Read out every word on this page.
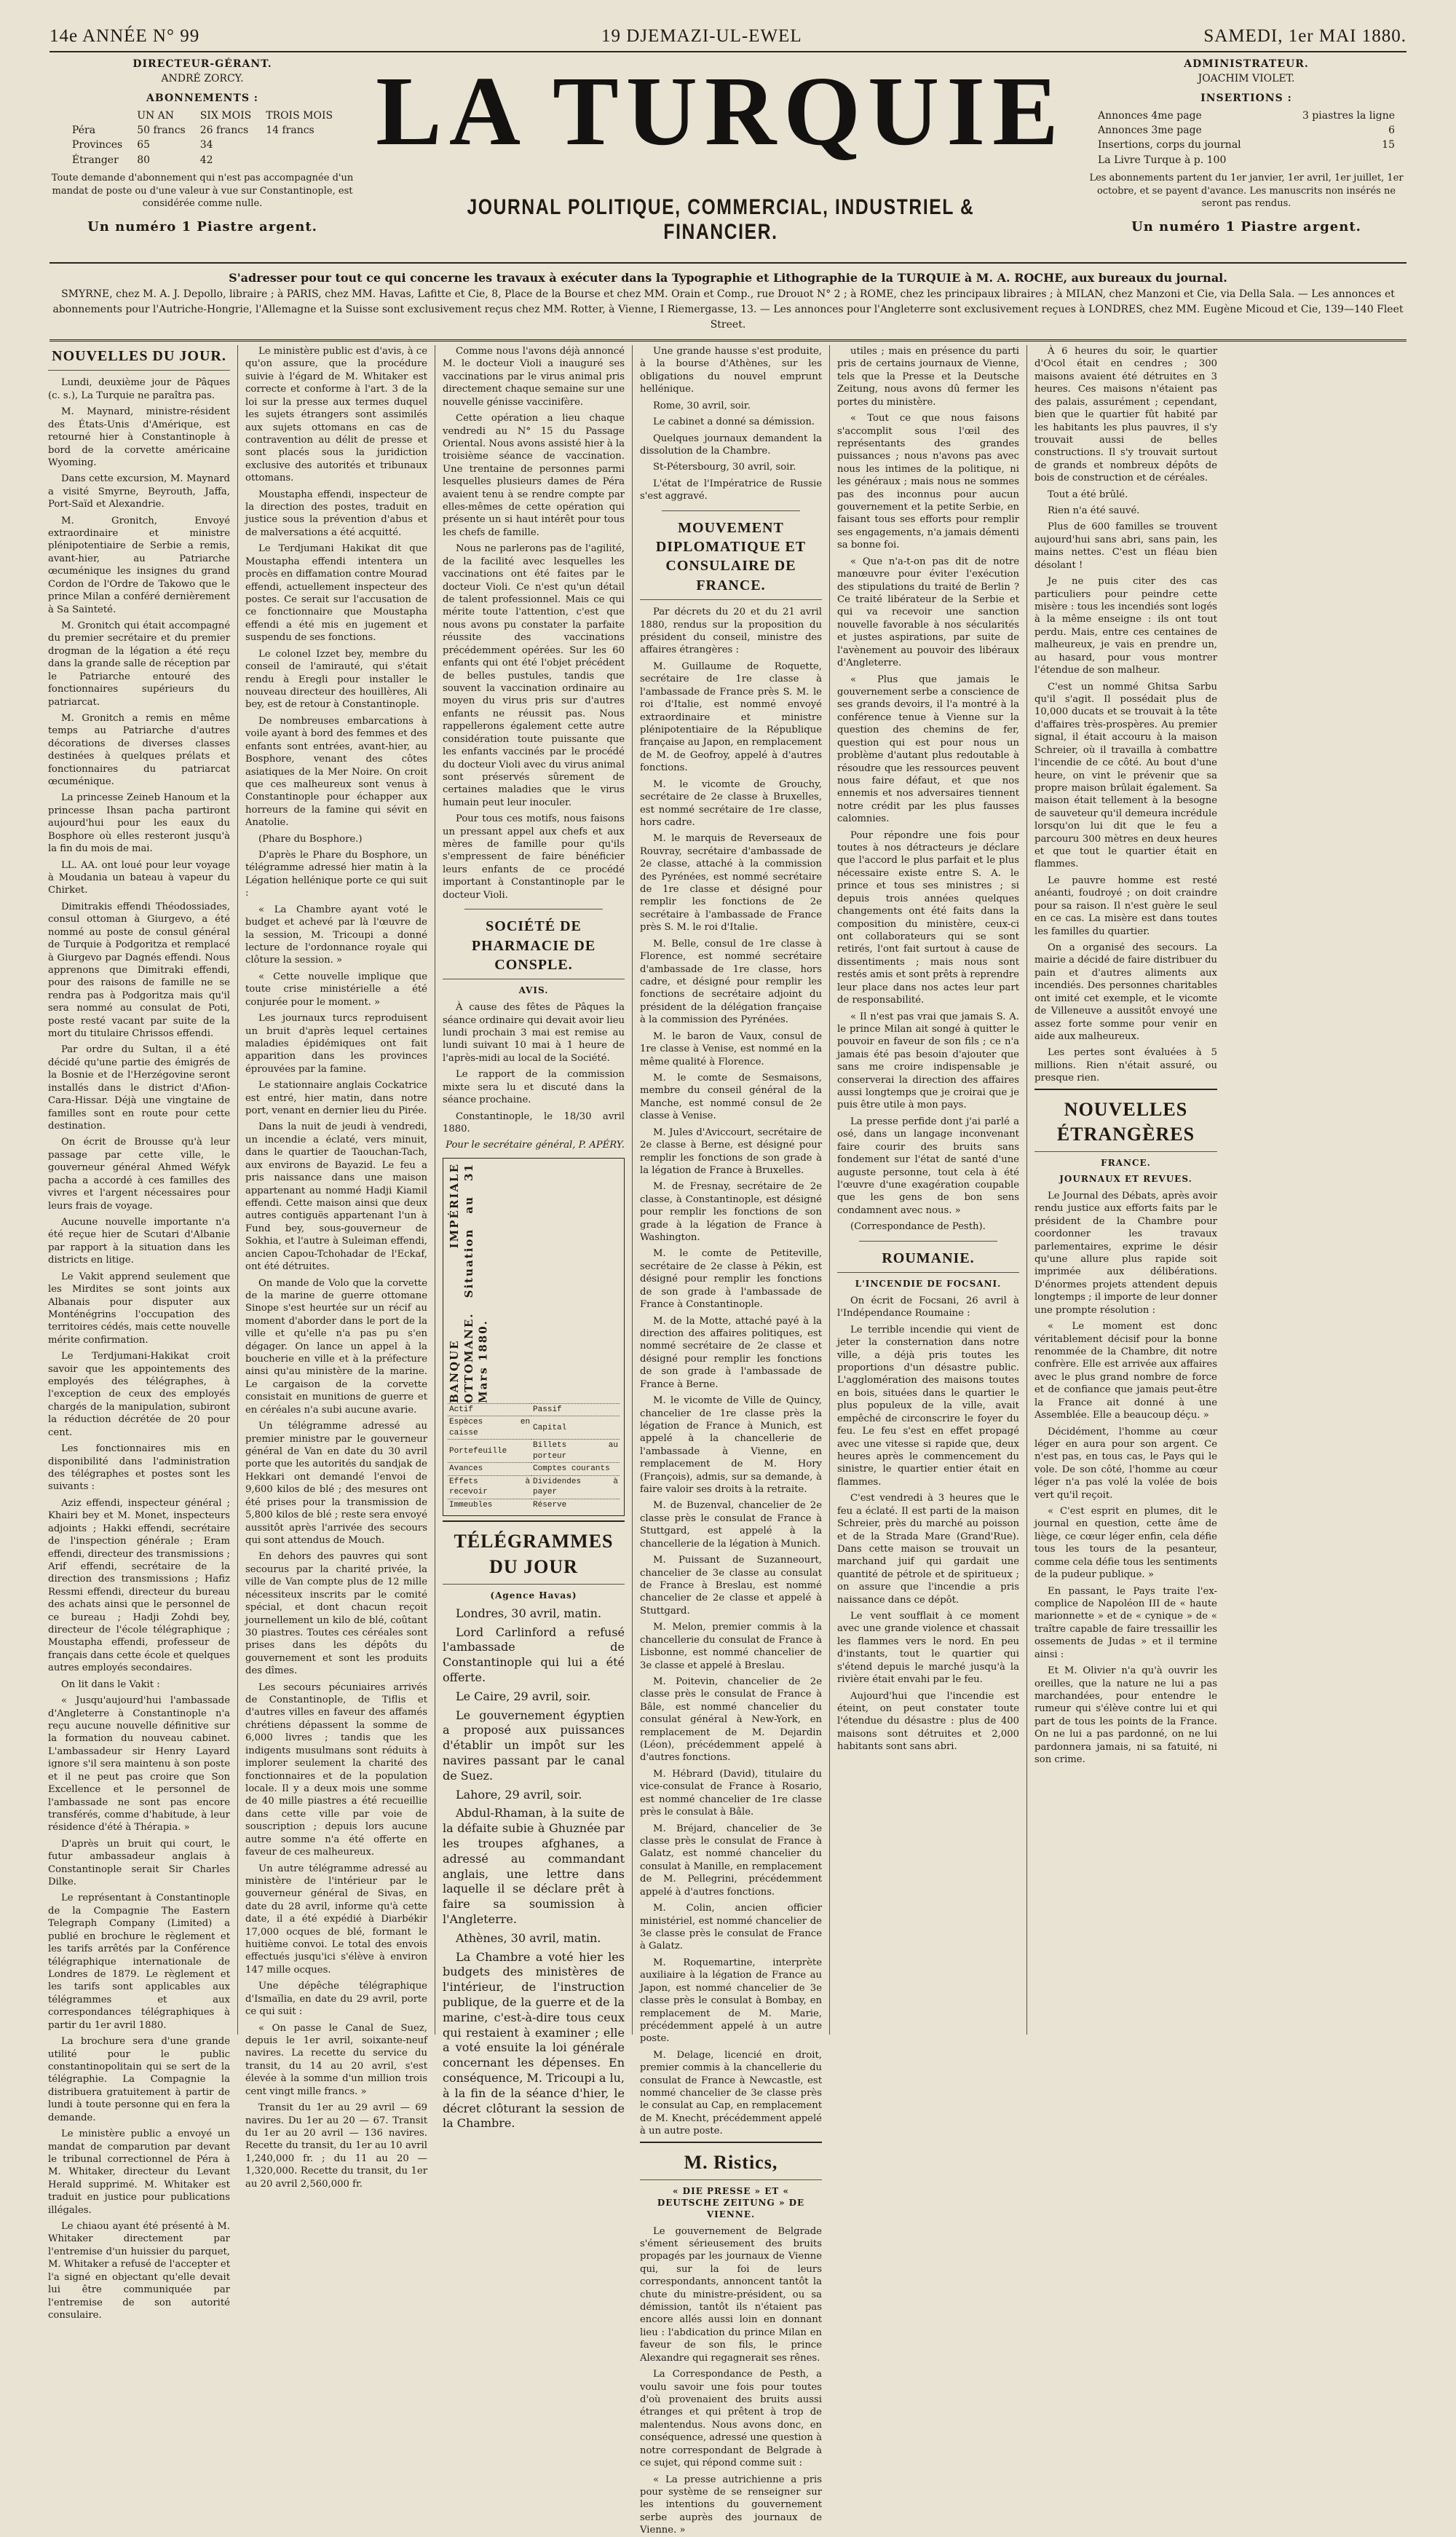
14e ANNÉE N° 99	19 DJEMAZI-UL-EWEL	SAMEDI, 1er MAI 1880.
DIRECTEUR-GÉRANT.
ANDRÉ ZORCY.
ABONNEMENTS :
	UN AN	SIX MOIS	TROIS MOIS
Péra	50 francs	26 francs	14 francs
Provinces	65	34	
Étranger	80	42	
Toute demande d'abonnement qui n'est pas accompagnée d'un mandat de poste ou d'une valeur à vue sur Constantinople, est considérée comme nulle.
Un numéro 1 Piastre argent.
LA TURQUIE
JOURNAL POLITIQUE, COMMERCIAL, INDUSTRIEL & FINANCIER.
ADMINISTRATEUR.
JOACHIM VIOLET.
INSERTIONS :
Annonces 4me page	3 piastres la ligne
Annonces 3me page	6
Insertions, corps du journal	15
La Livre Turque à p. 100	
Les abonnements partent du 1er janvier, 1er avril, 1er juillet, 1er octobre, et se payent d'avance. Les manuscrits non insérés ne seront pas rendus.
Un numéro 1 Piastre argent.
S'adresser pour tout ce qui concerne les travaux à exécuter dans la Typographie et Lithographie de la TURQUIE à M. A. ROCHE, aux bureaux du journal.
SMYRNE, chez M. A. J. Depollo, libraire ; à PARIS, chez MM. Havas, Lafitte et Cie, 8, Place de la Bourse et chez MM. Orain et Comp., rue Drouot N° 2 ; à ROME, chez les principaux libraires ; à MILAN, chez Manzoni et Cie, via Della Sala. — Les annonces et abonnements pour l'Autriche-Hongrie, l'Allemagne et la Suisse sont exclusivement reçus chez MM. Rotter, à Vienne, I Riemergasse, 13. — Les annonces pour l'Angleterre sont exclusivement reçues à LONDRES, chez MM. Eugène Micoud et Cie, 139—140 Fleet Street.
NOUVELLES DU JOUR.

Lundi, deuxième jour de Pâques (c. s.), La Turquie ne paraîtra pas.

M. Maynard, ministre-résident des États-Unis d'Amérique, est retourné hier à Constantinople à bord de la corvette américaine Wyoming.

Dans cette excursion, M. Maynard a visité Smyrne, Beyrouth, Jaffa, Port-Saïd et Alexandrie.

M. Gronitch, Envoyé extraordinaire et ministre plénipotentiaire de Serbie a remis, avant-hier, au Patriarche œcuménique les insignes du grand Cordon de l'Ordre de Takowo que le prince Milan a conféré dernièrement à Sa Sainteté.

M. Gronitch qui était accompagné du premier secrétaire et du premier drogman de la légation a été reçu dans la grande salle de réception par le Patriarche entouré des fonctionnaires supérieurs du patriarcat.

M. Gronitch a remis en même temps au Patriarche d'autres décorations de diverses classes destinées à quelques prélats et fonctionnaires du patriarcat œcuménique.

La princesse Zeineb Hanoum et la princesse Ihsan pacha partiront aujourd'hui pour les eaux du Bosphore où elles resteront jusqu'à la fin du mois de mai.

LL. AA. ont loué pour leur voyage à Moudania un bateau à vapeur du Chirket.

Dimitrakis effendi Théodossiades, consul ottoman à Giurgevo, a été nommé au poste de consul général de Turquie à Podgoritza et remplacé à Giurgevo par Dagnés effendi. Nous apprenons que Dimitraki effendi, pour des raisons de famille ne se rendra pas à Podgoritza mais qu'il sera nommé au consulat de Poti, poste resté vacant par suite de la mort du titulaire Chrissos effendi.

Par ordre du Sultan, il a été décidé qu'une partie des émigrés de la Bosnie et de l'Herzégovine seront installés dans le district d'Afion-Cara-Hissar. Déjà une vingtaine de familles sont en route pour cette destination.

On écrit de Brousse qu'à leur passage par cette ville, le gouverneur général Ahmed Wéfyk pacha a accordé à ces familles des vivres et l'argent nécessaires pour leurs frais de voyage.

Aucune nouvelle importante n'a été reçue hier de Scutari d'Albanie par rapport à la situation dans les districts en litige.

Le Vakit apprend seulement que les Mirdites se sont joints aux Albanais pour disputer aux Monténégrins l'occupation des territoires cédés, mais cette nouvelle mérite confirmation.

Le Terdjumani-Hakikat croit savoir que les appointements des employés des télégraphes, à l'exception de ceux des employés chargés de la manipulation, subiront la réduction décrétée de 20 pour cent.

Les fonctionnaires mis en disponibilité dans l'administration des télégraphes et postes sont les suivants :

Aziz effendi, inspecteur général ; Khairi bey et M. Monet, inspecteurs adjoints ; Hakki effendi, secrétaire de l'inspection générale ; Eram effendi, directeur des transmissions ; Arif effendi, secrétaire de la direction des transmissions ; Hafiz Ressmi effendi, directeur du bureau des achats ainsi que le personnel de ce bureau ; Hadji Zohdi bey, directeur de l'école télégraphique ; Moustapha effendi, professeur de français dans cette école et quelques autres employés secondaires.

On lit dans le Vakit :

« Jusqu'aujourd'hui l'ambassade d'Angleterre à Constantinople n'a reçu aucune nouvelle définitive sur la formation du nouveau cabinet. L'ambassadeur sir Henry Layard ignore s'il sera maintenu à son poste et il ne peut pas croire que Son Excellence et le personnel de l'ambassade ne sont pas encore transférés, comme d'habitude, à leur résidence d'été à Thérapia. »

D'après un bruit qui court, le futur ambassadeur anglais à Constantinople serait Sir Charles Dilke.

Le représentant à Constantinople de la Compagnie The Eastern Telegraph Company (Limited) a publié en brochure le règlement et les tarifs arrêtés par la Conférence télégraphique internationale de Londres de 1879. Le règlement et les tarifs sont applicables aux télégrammes et aux correspondances télégraphiques à partir du 1er avril 1880.

La brochure sera d'une grande utilité pour le public constantinopolitain qui se sert de la télégraphie. La Compagnie la distribuera gratuitement à partir de lundi à toute personne qui en fera la demande.

Le ministère public a envoyé un mandat de comparution par devant le tribunal correctionnel de Péra à M. Whitaker, directeur du Levant Herald supprimé. M. Whitaker est traduit en justice pour publications illégales.

Le chiaou ayant été présenté à M. Whitaker directement par l'entremise d'un huissier du parquet, M. Whitaker a refusé de l'accepter et l'a signé en objectant qu'elle devait lui être communiquée par l'entremise de son autorité consulaire.

Le ministère public est d'avis, à ce qu'on assure, que la procédure suivie à l'égard de M. Whitaker est correcte et conforme à l'art. 3 de la loi sur la presse aux termes duquel les sujets étrangers sont assimilés aux sujets ottomans en cas de contravention au délit de presse et sont placés sous la juridiction exclusive des autorités et tribunaux ottomans.

Moustapha effendi, inspecteur de la direction des postes, traduit en justice sous la prévention d'abus et de malversations a été acquitté.

Le Terdjumani Hakikat dit que Moustapha effendi intentera un procès en diffamation contre Mourad effendi, actuellement inspecteur des postes. Ce serait sur l'accusation de ce fonctionnaire que Moustapha effendi a été mis en jugement et suspendu de ses fonctions.

Le colonel Izzet bey, membre du conseil de l'amirauté, qui s'était rendu à Eregli pour installer le nouveau directeur des houillères, Ali bey, est de retour à Constantinople.

De nombreuses embarcations à voile ayant à bord des femmes et des enfants sont entrées, avant-hier, au Bosphore, venant des côtes asiatiques de la Mer Noire. On croit que ces malheureux sont venus à Constantinople pour échapper aux horreurs de la famine qui sévit en Anatolie.

(Phare du Bosphore.)

D'après le Phare du Bosphore, un télégramme adressé hier matin à la Légation hellénique porte ce qui suit :

« La Chambre ayant voté le budget et achevé par là l'œuvre de la session, M. Tricoupi a donné lecture de l'ordonnance royale qui clôture la session. »

« Cette nouvelle implique que toute crise ministérielle a été conjurée pour le moment. »

Les journaux turcs reproduisent un bruit d'après lequel certaines maladies épidémiques ont fait apparition dans les provinces éprouvées par la famine.

Le stationnaire anglais Cockatrice est entré, hier matin, dans notre port, venant en dernier lieu du Pirée.

Dans la nuit de jeudi à vendredi, un incendie a éclaté, vers minuit, dans le quartier de Taouchan-Tach, aux environs de Bayazid. Le feu a pris naissance dans une maison appartenant au nommé Hadji Kiamil effendi. Cette maison ainsi que deux autres contiguës appartenant l'un à Fund bey, sous-gouverneur de Sokhia, et l'autre à Suleiman effendi, ancien Capou-Tchohadar de l'Eckaf, ont été détruites.

On mande de Volo que la corvette de la marine de guerre ottomane Sinope s'est heurtée sur un récif au moment d'aborder dans le port de la ville et qu'elle n'a pas pu s'en dégager. On lance un appel à la boucherie en ville et à la préfecture ainsi qu'au ministère de la marine. Le cargaison de la corvette consistait en munitions de guerre et en céréales n'a subi aucune avarie.

Un télégramme adressé au premier ministre par le gouverneur général de Van en date du 30 avril porte que les autorités du sandjak de Hekkari ont demandé l'envoi de 9,600 kilos de blé ; des mesures ont été prises pour la transmission de 5,800 kilos de blé ; reste sera envoyé aussitôt après l'arrivée des secours qui sont attendus de Mouch.

En dehors des pauvres qui sont secourus par la charité privée, la ville de Van compte plus de 12 mille nécessiteux inscrits par le comité spécial, et dont chacun reçoit journellement un kilo de blé, coûtant 30 piastres. Toutes ces céréales sont prises dans les dépôts du gouvernement et sont les produits des dîmes.

Les secours pécuniaires arrivés de Constantinople, de Tiflis et d'autres villes en faveur des affamés chrétiens dépassent la somme de 6,000 livres ; tandis que les indigents musulmans sont réduits à implorer seulement la charité des fonctionnaires et de la population locale. Il y a deux mois une somme de 40 mille piastres a été recueillie dans cette ville par voie de souscription ; depuis lors aucune autre somme n'a été offerte en faveur de ces malheureux.

Un autre télégramme adressé au ministère de l'intérieur par le gouverneur général de Sivas, en date du 28 avril, informe qu'à cette date, il a été expédié à Diarbékir 17,000 ocques de blé, formant le huitième convoi. Le total des envois effectués jusqu'ici s'élève à environ 147 mille ocques.

Une dépêche télégraphique d'Ismaïlia, en date du 29 avril, porte ce qui suit :

« On passe le Canal de Suez, depuis le 1er avril, soixante-neuf navires. La recette du service du transit, du 14 au 20 avril, s'est élevée à la somme d'un million trois cent vingt mille francs. »

Transit du 1er au 29 avril — 69 navires. Du 1er au 20 — 67. Transit du 1er au 20 avril — 136 navires. Recette du transit, du 1er au 10 avril 1,240,000 fr. ; du 11 au 20 — 1,320,000. Recette du transit, du 1er au 20 avril 2,560,000 fr.

Comme nous l'avons déjà annoncé M. le docteur Violi a inauguré ses vaccinations par le virus animal pris directement chaque semaine sur une nouvelle génisse vaccinifère.

Cette opération a lieu chaque vendredi au N° 15 du Passage Oriental. Nous avons assisté hier à la troisième séance de vaccination. Une trentaine de personnes parmi lesquelles plusieurs dames de Péra avaient tenu à se rendre compte par elles-mêmes de cette opération qui présente un si haut intérêt pour tous les chefs de famille.

Nous ne parlerons pas de l'agilité, de la facilité avec lesquelles les vaccinations ont été faites par le docteur Violi. Ce n'est qu'un détail de talent professionnel. Mais ce qui mérite toute l'attention, c'est que nous avons pu constater la parfaite réussite des vaccinations précédemment opérées. Sur les 60 enfants qui ont été l'objet précédent de belles pustules, tandis que souvent la vaccination ordinaire au moyen du virus pris sur d'autres enfants ne réussit pas. Nous rappellerons également cette autre considération toute puissante que les enfants vaccinés par le procédé du docteur Violi avec du virus animal sont préservés sûrement de certaines maladies que le virus humain peut leur inoculer.

Pour tous ces motifs, nous faisons un pressant appel aux chefs et aux mères de famille pour qu'ils s'empressent de faire bénéficier leurs enfants de ce procédé important à Constantinople par le docteur Violi.

SOCIÉTÉ DE PHARMACIE DE CONSPLE.
AVIS.

À cause des fêtes de Pâques la séance ordinaire qui devait avoir lieu lundi prochain 3 mai est remise au lundi suivant 10 mai à 1 heure de l'après-midi au local de la Société.

Le rapport de la commission mixte sera lu et discuté dans la séance prochaine.

Constantinople, le 18/30 avril 1880.

Pour le secrétaire général, P. APÉRY.
BANQUE IMPÉRIALE OTTOMANE. Situation au 31 Mars 1880.
Actif	Passif
Espèces en caisse	Capital
Portefeuille	Billets au porteur
Avances	Comptes courants
Effets à recevoir	Dividendes à payer
Immeubles	Réserve
TÉLÉGRAMMES DU JOUR
(Agence Havas)

Londres, 30 avril, matin.

Lord Carlinford a refusé l'ambassade de Constantinople qui lui a été offerte.

Le Caire, 29 avril, soir.

Le gouvernement égyptien a proposé aux puissances d'établir un impôt sur les navires passant par le canal de Suez.

Lahore, 29 avril, soir.

Abdul-Rhaman, à la suite de la défaite subie à Ghuznée par les troupes afghanes, a adressé au commandant anglais, une lettre dans laquelle il se déclare prêt à faire sa soumission à l'Angleterre.

Athènes, 30 avril, matin.

La Chambre a voté hier les budgets des ministères de l'intérieur, de l'instruction publique, de la guerre et de la marine, c'est-à-dire tous ceux qui restaient à examiner ; elle a voté ensuite la loi générale concernant les dépenses. En conséquence, M. Tricoupi a lu, à la fin de la séance d'hier, le décret clôturant la session de la Chambre.

Une grande hausse s'est produite, à la bourse d'Athènes, sur les obligations du nouvel emprunt hellénique.

Rome, 30 avril, soir.

Le cabinet a donné sa démission.

Quelques journaux demandent la dissolution de la Chambre.

St-Pétersbourg, 30 avril, soir.

L'état de l'Impératrice de Russie s'est aggravé.

MOUVEMENT DIPLOMATIQUE ET CONSULAIRE DE FRANCE.

Par décrets du 20 et du 21 avril 1880, rendus sur la proposition du président du conseil, ministre des affaires étrangères :

M. Guillaume de Roquette, secrétaire de 1re classe à l'ambassade de France près S. M. le roi d'Italie, est nommé envoyé extraordinaire et ministre plénipotentiaire de la République française au Japon, en remplacement de M. de Geofroy, appelé à d'autres fonctions.

M. le vicomte de Grouchy, secrétaire de 2e classe à Bruxelles, est nommé secrétaire de 1re classe, hors cadre.

M. le marquis de Reverseaux de Rouvray, secrétaire d'ambassade de 2e classe, attaché à la commission des Pyrénées, est nommé secrétaire de 1re classe et désigné pour remplir les fonctions de 2e secrétaire à l'ambassade de France près S. M. le roi d'Italie.

M. Belle, consul de 1re classe à Florence, est nommé secrétaire d'ambassade de 1re classe, hors cadre, et désigné pour remplir les fonctions de secrétaire adjoint du président de la délégation française à la commission des Pyrénées.

M. le baron de Vaux, consul de 1re classe à Venise, est nommé en la même qualité à Florence.

M. le comte de Sesmaisons, membre du conseil général de la Manche, est nommé consul de 2e classe à Venise.

M. Jules d'Aviccourt, secrétaire de 2e classe à Berne, est désigné pour remplir les fonctions de son grade à la légation de France à Bruxelles.

M. de Fresnay, secrétaire de 2e classe, à Constantinople, est désigné pour remplir les fonctions de son grade à la légation de France à Washington.

M. le comte de Petiteville, secrétaire de 2e classe à Pékin, est désigné pour remplir les fonctions de son grade à l'ambassade de France à Constantinople.

M. de la Motte, attaché payé à la direction des affaires politiques, est nommé secrétaire de 2e classe et désigné pour remplir les fonctions de son grade à l'ambassade de France à Berne.

M. le vicomte de Ville de Quincy, chancelier de 1re classe près la légation de France à Munich, est appelé à la chancellerie de l'ambassade à Vienne, en remplacement de M. Hory (François), admis, sur sa demande, à faire valoir ses droits à la retraite.

M. de Buzenval, chancelier de 2e classe près le consulat de France à Stuttgard, est appelé à la chancellerie de la légation à Munich.

M. Puissant de Suzanneourt, chancelier de 3e classe au consulat de France à Breslau, est nommé chancelier de 2e classe et appelé à Stuttgard.

M. Melon, premier commis à la chancellerie du consulat de France à Lisbonne, est nommé chancelier de 3e classe et appelé à Breslau.

M. Poitevin, chancelier de 2e classe près le consulat de France à Bâle, est nommé chancelier du consulat général à New-York, en remplacement de M. Dejardin (Léon), précédemment appelé à d'autres fonctions.

M. Hébrard (David), titulaire du vice-consulat de France à Rosario, est nommé chancelier de 1re classe près le consulat à Bâle.

M. Bréjard, chancelier de 3e classe près le consulat de France à Galatz, est nommé chancelier du consulat à Manille, en remplacement de M. Pellegrini, précédemment appelé à d'autres fonctions.

M. Colin, ancien officier ministériel, est nommé chancelier de 3e classe près le consulat de France à Galatz.

M. Roquemartine, interprète auxiliaire à la légation de France au Japon, est nommé chancelier de 3e classe près le consulat à Bombay, en remplacement de M. Marie, précédemment appelé à un autre poste.

M. Delage, licencié en droit, premier commis à la chancellerie du consulat de France à Newcastle, est nommé chancelier de 3e classe près le consulat au Cap, en remplacement de M. Knecht, précédemment appelé à un autre poste.

M. Ristics,
« DIE PRESSE » ET « DEUTSCHE ZEITUNG » DE VIENNE.

Le gouvernement de Belgrade s'ément sérieusement des bruits propagés par les journaux de Vienne qui, sur la foi de leurs correspondants, annoncent tantôt la chute du ministre-président, ou sa démission, tantôt ils n'étaient pas encore allés aussi loin en donnant lieu : l'abdication du prince Milan en faveur de son fils, le prince Alexandre qui regagnerait ses rênes.

La Correspondance de Pesth, a voulu savoir une fois pour toutes d'où provenaient des bruits aussi étranges et qui prêtent à trop de malentendus. Nous avons donc, en conséquence, adressé une question à notre correspondant de Belgrade à ce sujet, qui répond comme suit :

« La presse autrichienne a pris pour système de se renseigner sur les intentions du gouvernement serbe auprès des journaux de Vienne. »

utiles ; mais en présence du parti pris de certains journaux de Vienne, tels que la Presse et la Deutsche Zeitung, nous avons dû fermer les portes du ministère.

« Tout ce que nous faisons s'accomplit sous l'œil des représentants des grandes puissances ; nous n'avons pas avec nous les intimes de la politique, ni les généraux ; mais nous ne sommes pas des inconnus pour aucun gouvernement et la petite Serbie, en faisant tous ses efforts pour remplir ses engagements, n'a jamais démenti sa bonne foi.

« Que n'a-t-on pas dit de notre manœuvre pour éviter l'exécution des stipulations du traité de Berlin ? Ce traité libérateur de la Serbie et qui va recevoir une sanction nouvelle favorable à nos sécularités et justes aspirations, par suite de l'avènement au pouvoir des libéraux d'Angleterre.

« Plus que jamais le gouvernement serbe a conscience de ses grands devoirs, il l'a montré à la conférence tenue à Vienne sur la question des chemins de fer, question qui est pour nous un problème d'autant plus redoutable à résoudre que les ressources peuvent nous faire défaut, et que nos ennemis et nos adversaires tiennent notre crédit par les plus fausses calomnies.

Pour répondre une fois pour toutes à nos détracteurs je déclare que l'accord le plus parfait et le plus nécessaire existe entre S. A. le prince et tous ses ministres ; si depuis trois années quelques changements ont été faits dans la composition du ministère, ceux-ci ont collaborateurs qui se sont retirés, l'ont fait surtout à cause de dissentiments ; mais nous sont restés amis et sont prêts à reprendre leur place dans nos actes leur part de responsabilité.

« Il n'est pas vrai que jamais S. A. le prince Milan ait songé à quitter le pouvoir en faveur de son fils ; ce n'a jamais été pas besoin d'ajouter que sans me croire indispensable je conserverai la direction des affaires aussi longtemps que je croirai que je puis être utile à mon pays.

La presse perfide dont j'ai parlé a osé, dans un langage inconvenant faire courir des bruits sans fondement sur l'état de santé d'une auguste personne, tout cela à été l'œuvre d'une exagération coupable que les gens de bon sens condamnent avec nous. »

(Correspondance de Pesth).

ROUMANIE.
L'INCENDIE DE FOCSANI.

On écrit de Focsani, 26 avril à l'Indépendance Roumaine :

Le terrible incendie qui vient de jeter la consternation dans notre ville, a déjà pris toutes les proportions d'un désastre public. L'agglomération des maisons toutes en bois, situées dans le quartier le plus populeux de la ville, avait empêché de circonscrire le foyer du feu. Le feu s'est en effet propagé avec une vitesse si rapide que, deux heures après le commencement du sinistre, le quartier entier était en flammes.

C'est vendredi à 3 heures que le feu a éclaté. Il est parti de la maison Schreier, près du marché au poisson et de la Strada Mare (Grand'Rue). Dans cette maison se trouvait un marchand juif qui gardait une quantité de pétrole et de spiritueux ; on assure que l'incendie a pris naissance dans ce dépôt.

Le vent soufflait à ce moment avec une grande violence et chassait les flammes vers le nord. En peu d'instants, tout le quartier qui s'étend depuis le marché jusqu'à la rivière était envahi par le feu.

Aujourd'hui que l'incendie est éteint, on peut constater toute l'étendue du désastre : plus de 400 maisons sont détruites et 2,000 habitants sont sans abri.

À 6 heures du soir, le quartier d'Ocol était en cendres ; 300 maisons avaient été détruites en 3 heures. Ces maisons n'étaient pas des palais, assurément ; cependant, bien que le quartier fût habité par les habitants les plus pauvres, il s'y trouvait aussi de belles constructions. Il s'y trouvait surtout de grands et nombreux dépôts de bois de construction et de céréales.

Tout a été brûlé.

Rien n'a été sauvé.

Plus de 600 familles se trouvent aujourd'hui sans abri, sans pain, les mains nettes. C'est un fléau bien désolant !

Je ne puis citer des cas particuliers pour peindre cette misère : tous les incendiés sont logés à la même enseigne : ils ont tout perdu. Mais, entre ces centaines de malheureux, je vais en prendre un, au hasard, pour vous montrer l'étendue de son malheur.

C'est un nommé Ghitsa Sarbu qu'il s'agit. Il possédait plus de 10,000 ducats et se trouvait à la tête d'affaires très-prospères. Au premier signal, il était accouru à la maison Schreier, où il travailla à combattre l'incendie de ce côté. Au bout d'une heure, on vint le prévenir que sa propre maison brûlait également. Sa maison était tellement à la besogne de sauveteur qu'il demeura incrédule lorsqu'on lui dit que le feu a parcouru 300 mètres en deux heures et que tout le quartier était en flammes.

Le pauvre homme est resté anéanti, foudroyé ; on doit craindre pour sa raison. Il n'est guère le seul en ce cas. La misère est dans toutes les familles du quartier.

On a organisé des secours. La mairie a décidé de faire distribuer du pain et d'autres aliments aux incendiés. Des personnes charitables ont imité cet exemple, et le vicomte de Villeneuve a aussitôt envoyé une assez forte somme pour venir en aide aux malheureux.

Les pertes sont évaluées à 5 millions. Rien n'était assuré, ou presque rien.

NOUVELLES ÉTRANGÈRES
FRANCE.
JOURNAUX ET REVUES.

Le Journal des Débats, après avoir rendu justice aux efforts faits par le président de la Chambre pour coordonner les travaux parlementaires, exprime le désir qu'une allure plus rapide soit imprimée aux délibérations. D'énormes projets attendent depuis longtemps ; il importe de leur donner une prompte résolution :

« Le moment est donc véritablement décisif pour la bonne renommée de la Chambre, dit notre confrère. Elle est arrivée aux affaires avec le plus grand nombre de force et de confiance que jamais peut-être la France ait donné à une Assemblée. Elle a beaucoup déçu. »

Décidément, l'homme au cœur léger en aura pour son argent. Ce n'est pas, en tous cas, le Pays qui le vole. De son côté, l'homme au cœur léger n'a pas volé la volée de bois vert qu'il reçoit.

« C'est esprit en plumes, dit le journal en question, cette âme de liège, ce cœur léger enfin, cela défie tous les tours de la pesanteur, comme cela défie tous les sentiments de la pudeur publique. »

En passant, le Pays traite l'ex-complice de Napoléon III de « haute marionnette » et de « cynique » de « traître capable de faire tressaillir les ossements de Judas » et il termine ainsi :

Et M. Olivier n'a qu'à ouvrir les oreilles, que la nature ne lui a pas marchandées, pour entendre le rumeur qui s'élève contre lui et qui part de tous les points de la France. On ne lui a pas pardonné, on ne lui pardonnera jamais, ni sa fatuité, ni son crime.
